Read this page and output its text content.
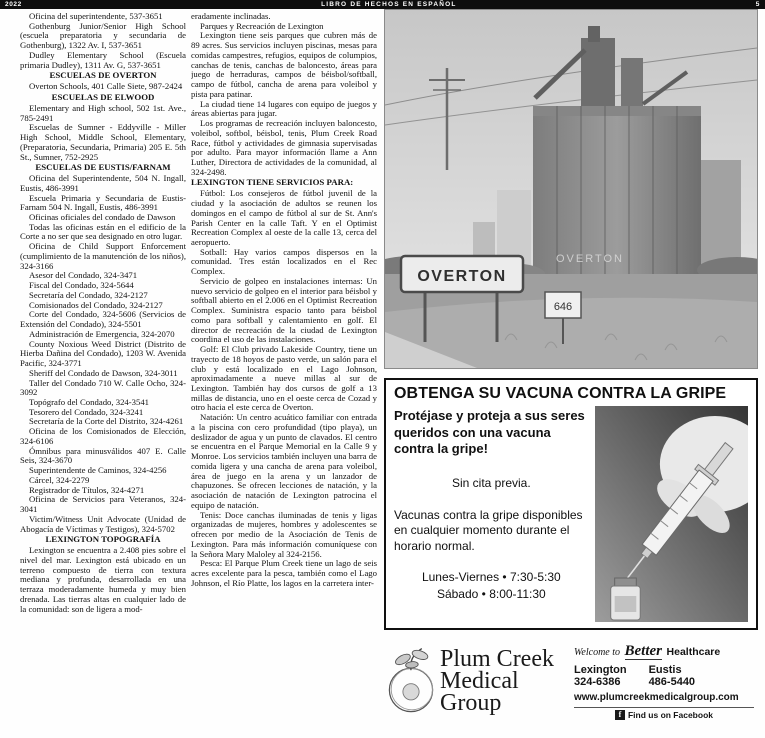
2022	LIBRO DE HECHOS EN ESPAÑOL	5
Oficina del superintendente, 537-3651
Gothenburg Junior/Senior High School (escuela preparatoria y secundaria de Gothenburg), 1322 Av. I, 537-3651
Dudley Elementary School (Escuela primaria Dudley), 1311 Av. G, 537-3651
ESCUELAS DE OVERTON
Overton Schools, 401 Calle Siete, 987-2424
ESCUELAS DE ELWOOD
Elementary and High school, 502 1st. Ave., 785-2491
Escuelas de Sumner - Eddyville - Miller High School, Middle School, Elementary, (Preparatoria, Secundaria, Primaria) 205 E. 5th St., Sumner, 752-2925
ESCUELAS DE EUSTIS/FARNAM
Oficina del Superintendente, 504 N. Ingall, Eustis, 486-3991
Escuela Primaria y Secundaria de Eustis-Farnam 504 N. Ingall, Eustis, 486-3991
Oficinas oficiales del condado de Dawson
Todas las oficinas están en el edificio de la Corte a no ser que sea designado en otro lugar.
Oficina de Child Support Enforcement (cumplimiento de la manutención de los niños), 324-3166
Asesor del Condado, 324-3471
Fiscal del Condado, 324-5644
Secretaría del Condado, 324-2127
Comisionados del Condado, 324-2127
Corte del Condado, 324-5606 (Servicios de Extensión del Condado), 324-5501
Administración de Emergencia, 324-2070
County Noxious Weed District (Distrito de Hierba Dañina del Condado), 1203 W. Avenida Pacific, 324-3771
Sheriff del Condado de Dawson, 324-3011
Taller del Condado 710 W. Calle Ocho, 324-3092
Topógrafo del Condado, 324-3541
Tesorero del Condado, 324-3241
Secretaría de la Corte del Distrito, 324-4261
Oficina de los Comisionados de Elección, 324-6106
Ómnibus para minusválidos 407 E. Calle Seis, 324-3670
Superintendente de Caminos, 324-4256
Cárcel, 324-2279
Registrador de Títulos, 324-4271
Oficina de Servicios para Veteranos, 324-3041
Victim/Witness Unit Advocate (Unidad de Abogacía de Víctimas y Testigos), 324-5702
LEXINGTON TOPOGRAFÍA
Lexington se encuentra a 2.408 pies sobre el nivel del mar. Lexington está ubicado en un terreno compuesto de tierra con textura mediana y profunda, desarrollada en una terraza moderadamente humeda y muy bien drenada. Las tierras altas en cualquier lado de la comunidad: son de ligera a mod-
eradamente inclinadas.
Parques y Recreación de Lexington
Lexington tiene seis parques que cubren más de 89 acres. Sus servicios incluyen piscinas, mesas para comidas campestres, refugios, equipos de columpios, canchas de tenis, canchas de baloncesto, áreas para juego de herraduras, campos de béisbol/softball, campo de fútbol, cancha de arena para voleibol y pista para patinar.
La ciudad tiene 14 lugares con equipo de juegos y áreas abiertas para jugar.
Los programas de recreación incluyen baloncesto, voleibol, softbol, béisbol, tenis, Plum Creek Road Race, fútbol y actividades de gimnasia supervisadas por adulto. Para mayor información llame a Ann Luther, Directora de actividades de la comunidad, al 324-2498.
LEXINGTON TIENE SERVICIOS PARA:
Fútbol: Los consejeros de fútbol juvenil de la ciudad y la asociación de adultos se reunen los domingos en el campo de fútbol al sur de St. Ann's Parish Center en la calle Taft. Y en el Optimist Recreation Complex al oeste de la calle 13, cerca del aeropuerto.
Sotball: Hay varios campos dispersos en la comunidad. Tres están localizados en el Rec Complex.
Servicio de golpeo en instalaciones internas: Un nuevo servicio de golpeo en el interior para béisbol y softball abierto en el 2.006 en el Optimist Recreation Complex. Suministra espacio tanto para béisbol como para softball y calentamiento en golf. El director de recreación de la ciudad de Lexington coordina el uso de las instalaciones.
Golf: El Club privado Lakeside Country, tiene un trayecto de 18 hoyos de pasto verde, un salón para el club y está localizado en el Lago Johnson, aproximadamente a nueve millas al sur de Lexington. También hay dos cursos de golf a 13 millas de distancia, uno en el oeste cerca de Cozad y otro hacia el este cerca de Overton.
Natación: Un centro acuático familiar con entrada a la piscina con cero profundidad (tipo playa), un deslizador de agua y un punto de clavados. El centro se encuentra en el Parque Memorial en la Calle 9 y Monroe. Los servicios también incluyen una barra de comida ligera y una cancha de arena para voleibol, área de juego en la arena y un lanzador de chapuzones. Se ofrecen lecciones de natación, y la asociación de natación de Lexington patrocina el equipo de natación.
Tenis: Doce canchas iluminadas de tenis y ligas organizadas de mujeres, hombres y adolescentes se ofrecen por medio de la Asociación de Tenis de Lexington. Para más información comuníquese con la Señora Mary Maloley al 324-2156.
Pesca: El Parque Plum Creek tiene un lago de seis acres excelente para la pesca, también como el Lago Johnson, el Río Platte, los lagos en la carretera inter-
OVERTON
OVERTON
646
OBTENGA SU VACUNA CONTRA LA GRIPE

Protéjase y proteja a sus seres queridos con una vacuna contra la gripe!

Sin cita previa.

Vacunas contra la gripe disponibles en cualquier momento durante el horario normal.

Lunes-Viernes • 7:30-5:30

Sábado • 8:00-11:30

Plum Creek
Medical
Group
Welcome to Better Healthcare
Lexington
324-6386
Eustis
486-5440
www.plumcreekmedicalgroup.com
f Find us on Facebook
